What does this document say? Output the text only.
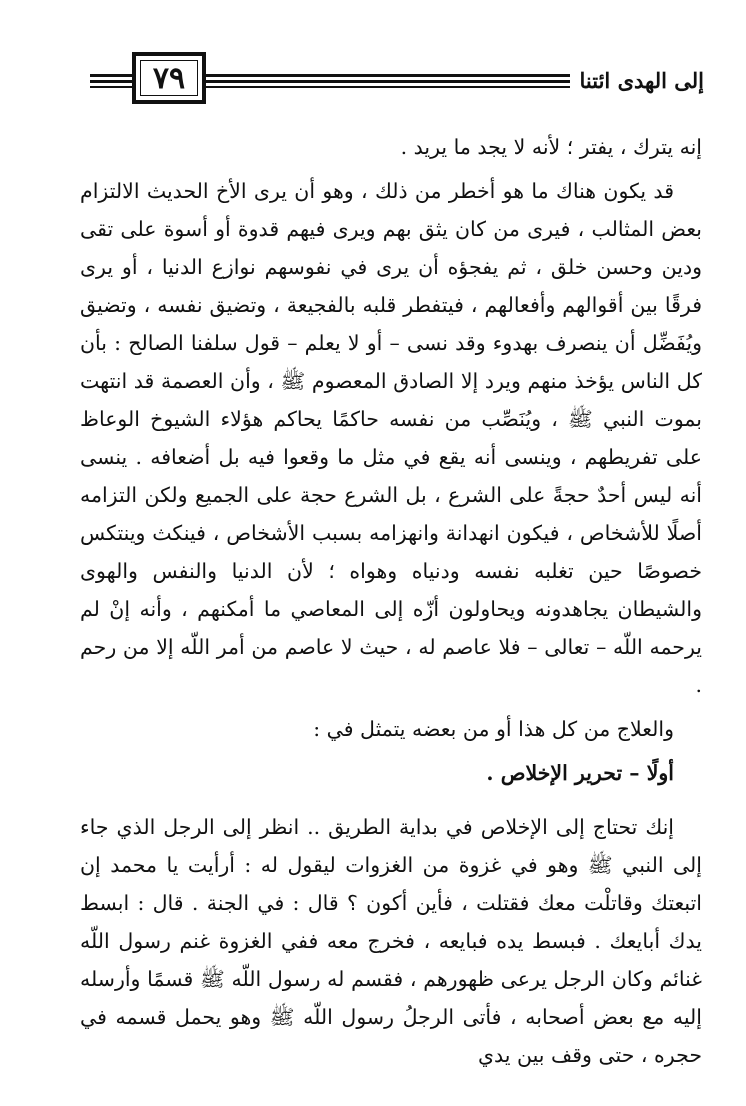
٧٩	إلى الهدى ائتنا

إنه يترك ، يفتر ؛ لأنه لا يجد ما يريد .

قد يكون هناك ما هو أخطر من ذلك ، وهو أن يرى الأخ الحديث الالتزام بعض المثالب ، فيرى من كان يثق بهم ويرى فيهم قدوة أو أسوة على تقى ودين وحسن خلق ، ثم يفجؤه أن يرى في نفوسهم نوازع الدنيا ، أو يرى فرقًا بين أقوالهم وأفعالهم ، فيتفطر قلبه بالفجيعة ، وتضيق نفسه ، وتضيق ويُفَضِّل أن ينصرف بهدوء وقد نسى – أو لا يعلم – قول سلفنا الصالح : بأن كل الناس يؤخذ منهم ويرد إلا الصادق المعصوم ﷺ ، وأن العصمة قد انتهت بموت النبي ﷺ ، ويُنَصِّب من نفسه حاكمًا يحاكم هؤلاء الشيوخ الوعاظ على تفريطهم ، وينسى أنه يقع في مثل ما وقعوا فيه بل أضعافه . ينسى أنه ليس أحدٌ حجةً على الشرع ، بل الشرع حجة على الجميع ولكن التزامه أصلًا للأشخاص ، فيكون انهدانة وانهزامه بسبب الأشخاص ، فينكث وينتكس خصوصًا حين تغلبه نفسه ودنياه وهواه ؛ لأن الدنيا والنفس والهوى والشيطان يجاهدونه ويحاولون أزّه إلى المعاصي ما أمكنهم ، وأنه إنْ لم يرحمه اللّه – تعالى – فلا عاصم له ، حيث لا عاصم من أمر اللّه إلا من رحم .

والعلاج من كل هذا أو من بعضه يتمثل في :

أولًا – تحرير الإخلاص .

إنك تحتاج إلى الإخلاص في بداية الطريق .. انظر إلى الرجل الذي جاء إلى النبي ﷺ وهو في غزوة من الغزوات ليقول له : أرأيت يا محمد إن اتبعتك وقاتلْت معك فقتلت ، فأين أكون ؟ قال : في الجنة . قال : ابسط يدك أبايعك . فبسط يده فبايعه ، فخرج معه ففي الغزوة غنم رسول اللّه غنائم وكان الرجل يرعى ظهورهم ، فقسم له رسول اللّه ﷺ قسمًا وأرسله إليه مع بعض أصحابه ، فأتى الرجلُ رسول اللّه ﷺ وهو يحمل قسمه في حجره ، حتى وقف بين يدي
